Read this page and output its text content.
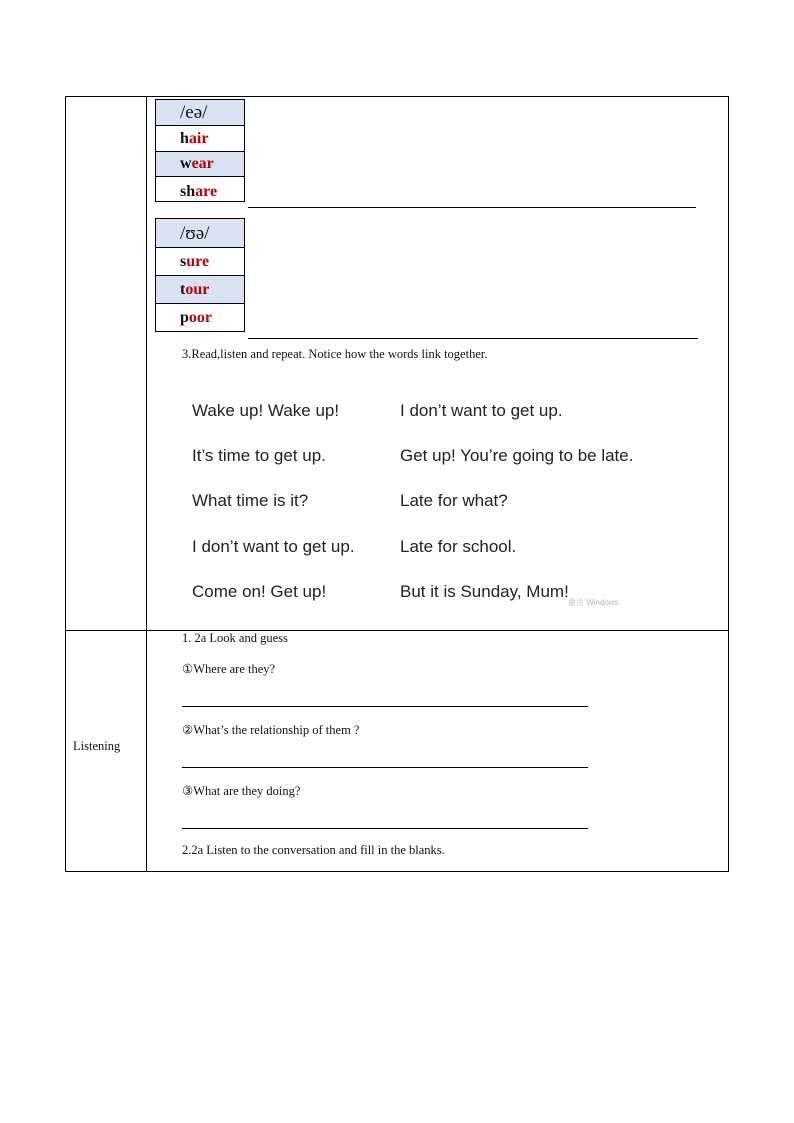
/eə/
h air
w ear
sh are
/ʊə/
s ure
t our
p oor
3.Read,listen and repeat. Notice how the words link together.
Wake up! Wake up!	I don’t want to get up.
It’s time to get up.	Get up! You’re going to be late.
What time is it?	Late for what?
I don’t want to get up.	Late for school.
Come on! Get up!	But it is Sunday, Mum!
激活 Windows
Listening
1. 2a Look and guess
①Where are they?
②What’s the relationship of them ?
③What are they doing?
2.2a Listen to the conversation and fill in the blanks.
